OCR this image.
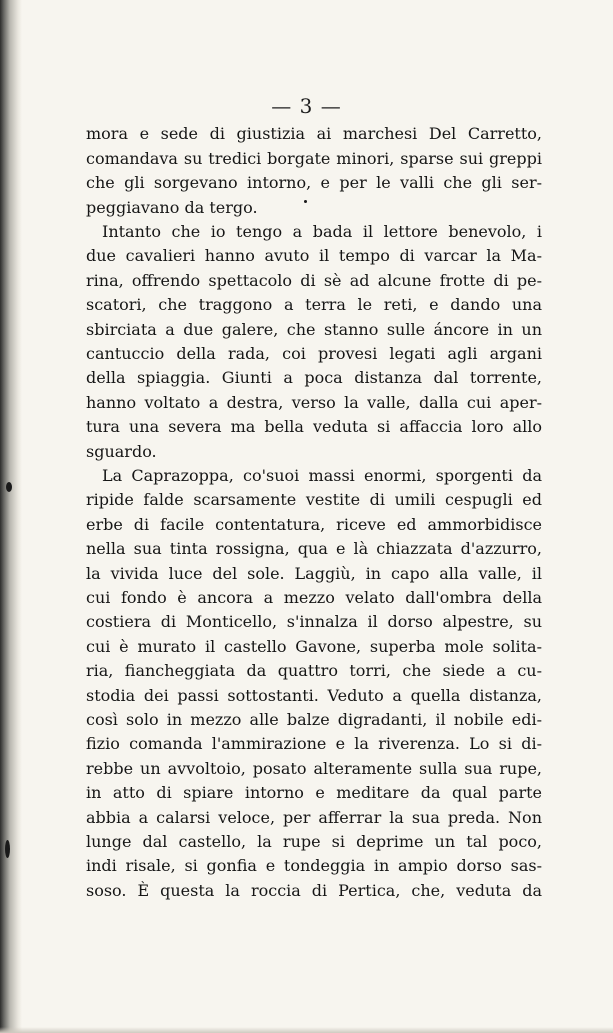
— 3 —
mora e sede di giustizia ai marchesi Del Carretto,
comandava su tredici borgate minori, sparse sui greppi
che gli sorgevano intorno, e per le valli che gli ser-
peggiavano da tergo.
Intanto che io tengo a bada il lettore benevolo, i
due cavalieri hanno avuto il tempo di varcar la Ma-
rina, offrendo spettacolo di sè ad alcune frotte di pe-
scatori, che traggono a terra le reti, e dando una
sbirciata a due galere, che stanno sulle áncore in un
cantuccio della rada, coi provesi legati agli argani
della spiaggia. Giunti a poca distanza dal torrente,
hanno voltato a destra, verso la valle, dalla cui aper-
tura una severa ma bella veduta si affaccia loro allo
sguardo.
La Caprazoppa, co'suoi massi enormi, sporgenti da
ripide falde scarsamente vestite di umili cespugli ed
erbe di facile contentatura, riceve ed ammorbidisce
nella sua tinta rossigna, qua e là chiazzata d'azzurro,
la vivida luce del sole. Laggiù, in capo alla valle, il
cui fondo è ancora a mezzo velato dall'ombra della
costiera di Monticello, s'innalza il dorso alpestre, su
cui è murato il castello Gavone, superba mole solita-
ria, fiancheggiata da quattro torri, che siede a cu-
stodia dei passi sottostanti. Veduto a quella distanza,
così solo in mezzo alle balze digradanti, il nobile edi-
fizio comanda l'ammirazione e la riverenza. Lo si di-
rebbe un avvoltoio, posato alteramente sulla sua rupe,
in atto di spiare intorno e meditare da qual parte
abbia a calarsi veloce, per afferrar la sua preda. Non
lunge dal castello, la rupe si deprime un tal poco,
indi risale, si gonfia e tondeggia in ampio dorso sas-
soso. È questa la roccia di Pertica, che, veduta da
